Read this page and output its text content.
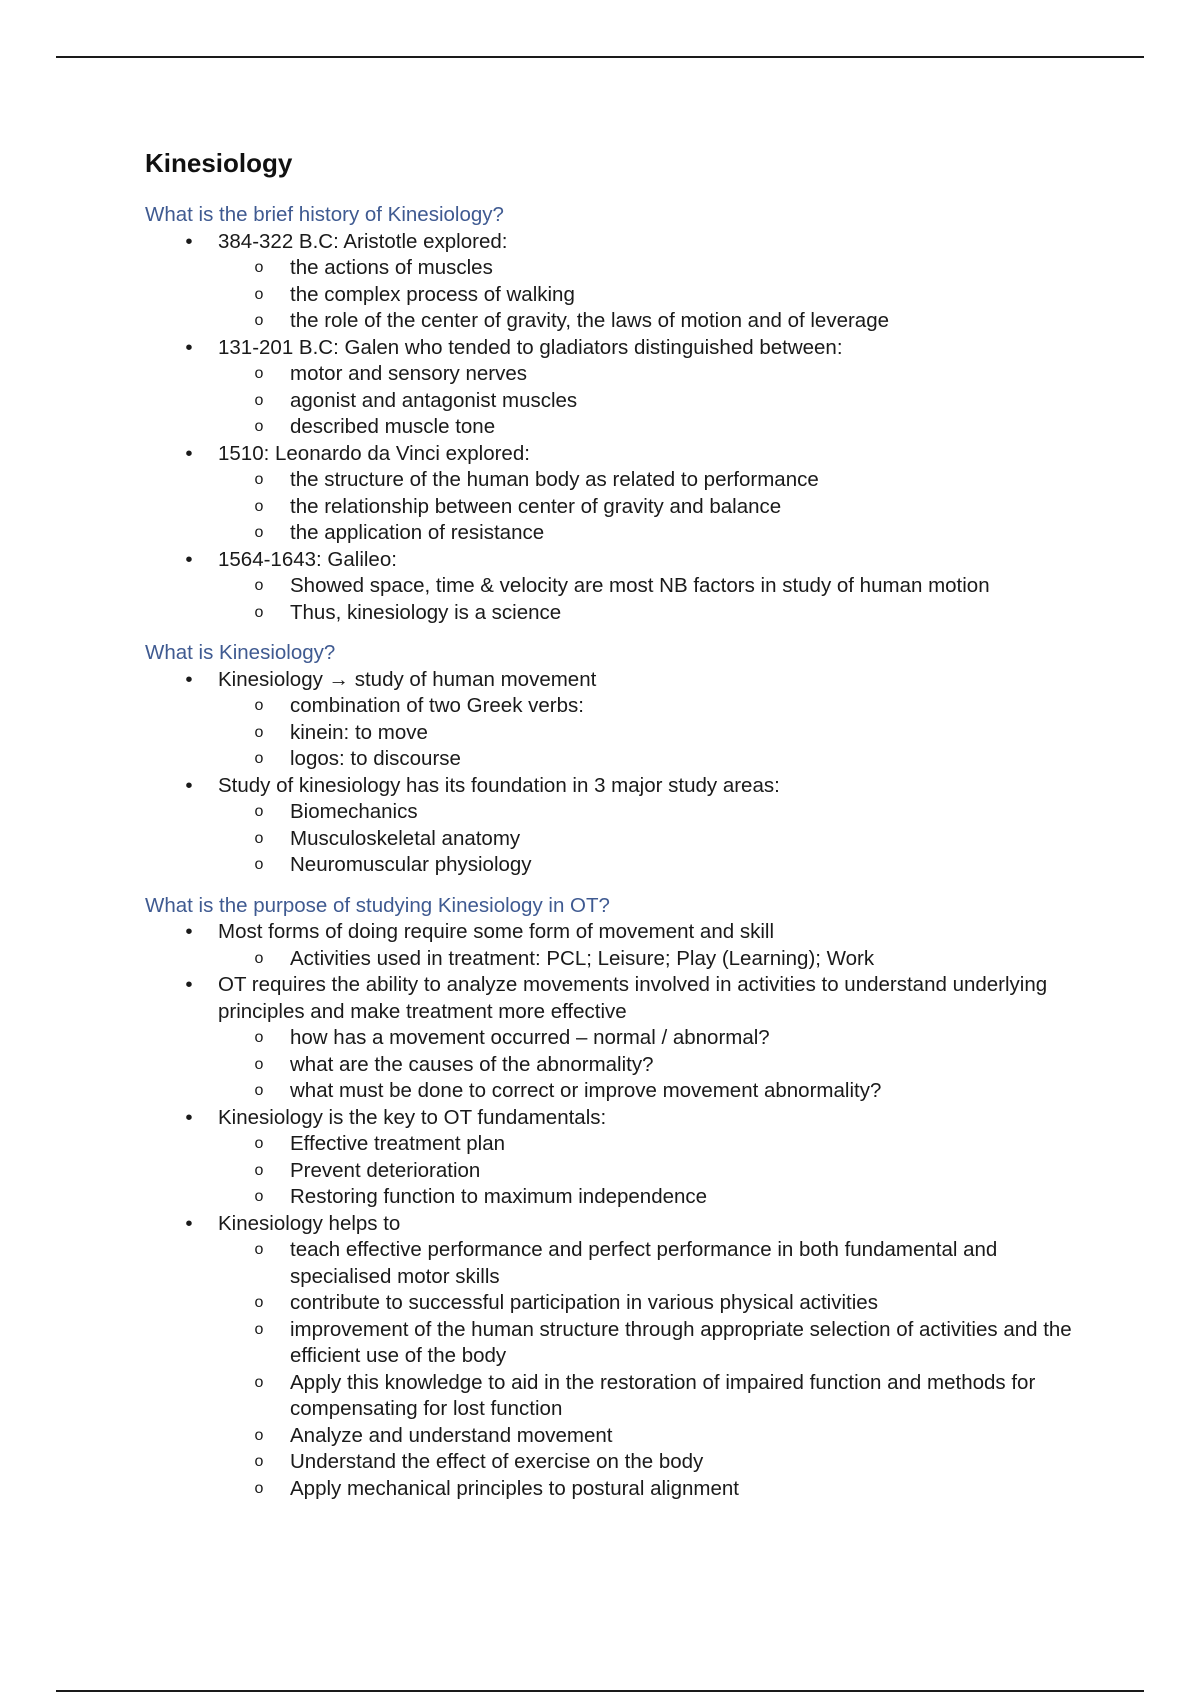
Kinesiology
What is the brief history of Kinesiology?
• 384-322 B.C: Aristotle explored:
o the actions of muscles
o the complex process of walking
o the role of the center of gravity, the laws of motion and of leverage
• 131-201 B.C: Galen who tended to gladiators distinguished between:
o motor and sensory nerves
o agonist and antagonist muscles
o described muscle tone
• 1510: Leonardo da Vinci explored:
o the structure of the human body as related to performance
o the relationship between center of gravity and balance
o the application of resistance
• 1564-1643: Galileo:
o Showed space, time & velocity are most NB factors in study of human motion
o Thus, kinesiology is a science
What is Kinesiology?
• Kinesiology → study of human movement
o combination of two Greek verbs:
o kinein: to move
o logos: to discourse
• Study of kinesiology has its foundation in 3 major study areas:
o Biomechanics
o Musculoskeletal anatomy
o Neuromuscular physiology
What is the purpose of studying Kinesiology in OT?
• Most forms of doing require some form of movement and skill
o Activities used in treatment: PCL; Leisure; Play (Learning); Work
• OT requires the ability to analyze movements involved in activities to understand underlying principles and make treatment more effective
o how has a movement occurred – normal / abnormal?
o what are the causes of the abnormality?
o what must be done to correct or improve movement abnormality?
• Kinesiology is the key to OT fundamentals:
o Effective treatment plan
o Prevent deterioration
o Restoring function to maximum independence
• Kinesiology helps to
o teach effective performance and perfect performance in both fundamental and specialised motor skills
o contribute to successful participation in various physical activities
o improvement of the human structure through appropriate selection of activities and the efficient use of the body
o Apply this knowledge to aid in the restoration of impaired function and methods for compensating for lost function
o Analyze and understand movement
o Understand the effect of exercise on the body
o Apply mechanical principles to postural alignment
